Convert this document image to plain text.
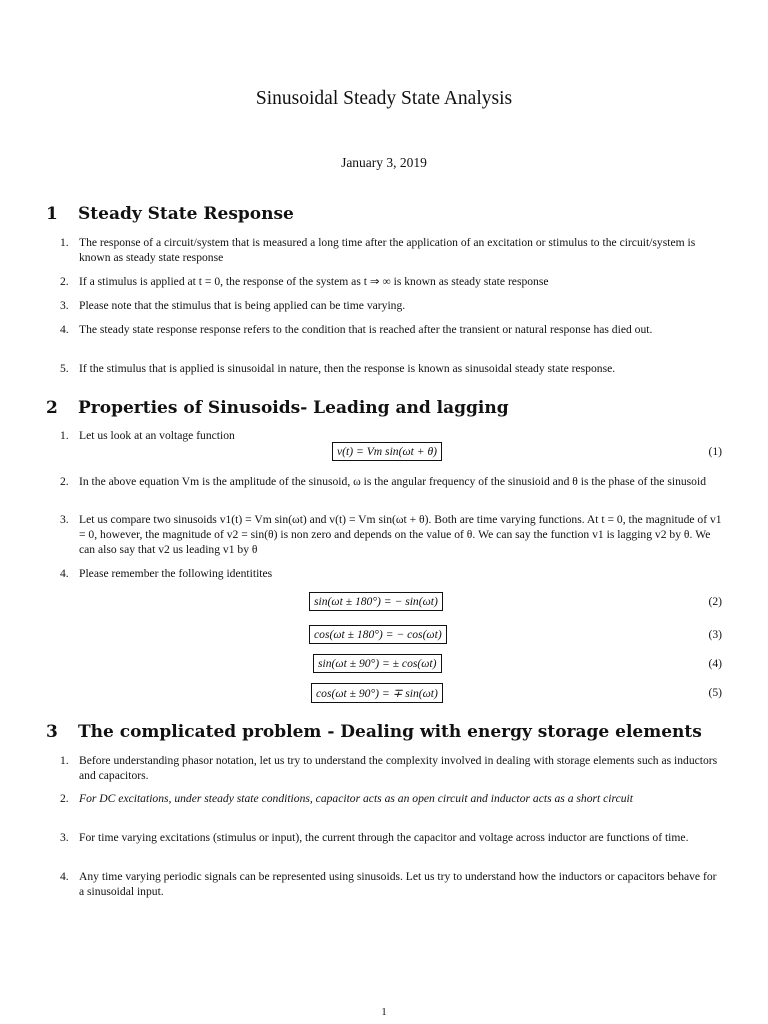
Sinusoidal Steady State Analysis
January 3, 2019
1 Steady State Response
1. The response of a circuit/system that is measured a long time after the application of an excitation or stimulus to the circuit/system is known as steady state response
2. If a stimulus is applied at t = 0, the response of the system as t ⇒ ∞ is known as steady state response
3. Please note that the stimulus that is being applied can be time varying.
4. The steady state response response refers to the condition that is reached after the transient or natural response has died out.
5. If the stimulus that is applied is sinusoidal in nature, then the response is known as sinusoidal steady state response.
2 Properties of Sinusoids- Leading and lagging
1. Let us look at an voltage function
v(t) = Vm sin(ωt + θ)	(1)
2. In the above equation Vm is the amplitude of the sinusoid, ω is the angular frequency of the sinusioid and θ is the phase of the sinusoid
3. Let us compare two sinusoids v1(t) = Vm sin(ωt) and v(t) = Vm sin(ωt + θ). Both are time varying functions. At t = 0, the magnitude of v1 = 0, however, the magnitude of v2 = sin(θ) is non zero and depends on the value of θ. We can say the function v1 is lagging v2 by θ. We can also say that v2 us leading v1 by θ
4. Please remember the following identitites
sin(ωt ± 180°) = − sin(ωt)	(2)
cos(ωt ± 180°) = − cos(ωt)	(3)
sin(ωt ± 90°) = ± cos(ωt)	(4)
cos(ωt ± 90°) = ∓ sin(ωt)	(5)
3 The complicated problem - Dealing with energy storage elements
1. Before understanding phasor notation, let us try to understand the complexity involved in dealing with storage elements such as inductors and capacitors.
2. For DC excitations, under steady state conditions, capacitor acts as an open circuit and inductor acts as a short circuit
3. For time varying excitations (stimulus or input), the current through the capacitor and voltage across inductor are functions of time.
4. Any time varying periodic signals can be represented using sinusoids. Let us try to understand how the inductors or capacitors behave for a sinusoidal input.
1
